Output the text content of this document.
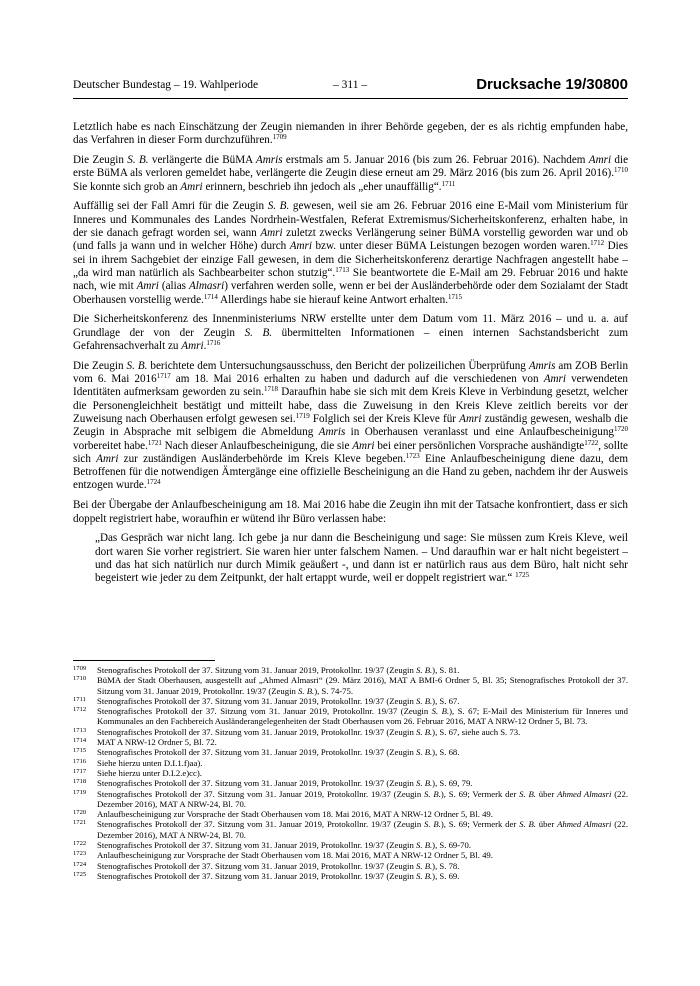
Deutscher Bundestag – 19. Wahlperiode	– 311 –	Drucksache 19/30800

Letztlich habe es nach Einschätzung der Zeugin niemanden in ihrer Behörde gegeben, der es als richtig empfunden habe, das Verfahren in dieser Form durchzuführen.$^{1709}$

Die Zeugin S. B. verlängerte die BüMA Amris erstmals am 5. Januar 2016 (bis zum 26. Februar 2016). Nachdem Amri die erste BüMA als verloren gemeldet habe, verlängerte die Zeugin diese erneut am 29. März 2016 (bis zum 26. April 2016).$^{1710}$ Sie konnte sich grob an Amri erinnern, beschrieb ihn jedoch als „eher unauffällig“.$^{1711}$

Auffällig sei der Fall Amri für die Zeugin S. B. gewesen, weil sie am 26. Februar 2016 eine E-Mail vom Ministerium für Inneres und Kommunales des Landes Nordrhein-Westfalen, Referat Extremismus/Sicherheitskonferenz, erhalten habe, in der sie danach gefragt worden sei, wann Amri zuletzt zwecks Verlängerung seiner BüMA vorstellig geworden war und ob (und falls ja wann und in welcher Höhe) durch Amri bzw. unter dieser BüMA Leistungen bezogen worden waren.$^{1712}$ Dies sei in ihrem Sachgebiet der einzige Fall gewesen, in dem die Sicherheitskonferenz derartige Nachfragen angestellt habe – „da wird man natürlich als Sachbearbeiter schon stutzig“.$^{1713}$ Sie beantwortete die E-Mail am 29. Februar 2016 und hakte nach, wie mit Amri (alias Almasri) verfahren werden solle, wenn er bei der Ausländerbehörde oder dem Sozialamt der Stadt Oberhausen vorstellig werde.$^{1714}$ Allerdings habe sie hierauf keine Antwort erhalten.$^{1715}$

Die Sicherheitskonferenz des Innenministeriums NRW erstellte unter dem Datum vom 11. März 2016 – und u. a. auf Grundlage der von der Zeugin S. B. übermittelten Informationen – einen internen Sachstandsbericht zum Gefahrensachverhalt zu Amri.$^{1716}$

Die Zeugin S. B. berichtete dem Untersuchungsausschuss, den Bericht der polizeilichen Überprüfung Amris am ZOB Berlin vom 6. Mai $2016^{1717}$ am 18. Mai 2016 erhalten zu haben und dadurch auf die verschiedenen von Amri verwendeten Identitäten aufmerksam geworden zu sein.$^{1718}$ Daraufhin habe sie sich mit dem Kreis Kleve in Verbindung gesetzt, welcher die Personengleichheit bestätigt und mitteilt habe, dass die Zuweisung in den Kreis Kleve zeitlich bereits vor der Zuweisung nach Oberhausen erfolgt gewesen sei.$^{1719}$ Folglich sei der Kreis Kleve für Amri zuständig gewesen, weshalb die Zeugin in Absprache mit selbigem die Abmeldung Amris in Oberhausen veranlasst und eine Anlaufbescheinigung$^{1720}$ vorbereitet habe.$^{1721}$ Nach dieser Anlaufbescheinigung, die sie Amri bei einer persönlichen Vorsprache aushändigte$^{1722}$, sollte sich Amri zur zuständigen Ausländerbehörde im Kreis Kleve begeben.$^{1723}$ Eine Anlaufbescheinigung diene dazu, dem Betroffenen für die notwendigen Ämtergänge eine offizielle Bescheinigung an die Hand zu geben, nachdem ihr der Ausweis entzogen wurde.$^{1724}$

Bei der Übergabe der Anlaufbescheinigung am 18. Mai 2016 habe die Zeugin ihn mit der Tatsache konfrontiert, dass er sich doppelt registriert habe, woraufhin er wütend ihr Büro verlassen habe:

„Das Gespräch war nicht lang. Ich gebe ja nur dann die Bescheinigung und sage: Sie müssen zum Kreis Kleve, weil dort waren Sie vorher registriert. Sie waren hier unter falschem Namen. – Und daraufhin war er halt nicht begeistert – und das hat sich natürlich nur durch Mimik geäußert -, und dann ist er natürlich raus aus dem Büro, halt nicht sehr begeistert wie jeder zu dem Zeitpunkt, der halt ertappt wurde, weil er doppelt registriert war.“ $^{1725}$

1709	Stenografisches Protokoll der 37. Sitzung vom 31. Januar 2019, Protokollnr. 19/37 (Zeugin S. B.), S. 81.
1710	BüMA der Stadt Oberhausen, ausgestellt auf „Ahmed Almasri“ (29. März 2016), MAT A BMI-6 Ordner 5, Bl. 35; Stenografisches Protokoll der 37. Sitzung vom 31. Januar 2019, Protokollnr. 19/37 (Zeugin S. B.), S. 74-75.
1711	Stenografisches Protokoll der 37. Sitzung vom 31. Januar 2019, Protokollnr. 19/37 (Zeugin S. B.), S. 67.
1712	Stenografisches Protokoll der 37. Sitzung vom 31. Januar 2019, Protokollnr. 19/37 (Zeugin S. B.), S. 67; E-Mail des Ministerium für Inneres und Kommunales an den Fachbereich Ausländerangelegenheiten der Stadt Oberhausen vom 26. Februar 2016, MAT A NRW-12 Ordner 5, Bl. 73.
1713	Stenografisches Protokoll der 37. Sitzung vom 31. Januar 2019, Protokollnr. 19/37 (Zeugin S. B.), S. 67, siehe auch S. 73.
1714	MAT A NRW-12 Ordner 5, Bl. 72.
1715	Stenografisches Protokoll der 37. Sitzung vom 31. Januar 2019, Protokollnr. 19/37 (Zeugin S. B.), S. 68.
1716	Siehe hierzu unten D.I.1.f)aa).
1717	Siehe hierzu unter D.I.2.e)cc).
1718	Stenografisches Protokoll der 37. Sitzung vom 31. Januar 2019, Protokollnr. 19/37 (Zeugin S. B.), S. 69, 79.
1719	Stenografisches Protokoll der 37. Sitzung vom 31. Januar 2019, Protokollnr. 19/37 (Zeugin S. B.), S. 69; Vermerk der S. B. über Ahmed Almasri (22. Dezember 2016), MAT A NRW-24, Bl. 70.
1720	Anlaufbescheinigung zur Vorsprache der Stadt Oberhausen vom 18. Mai 2016, MAT A NRW-12 Ordner 5, Bl. 49.
1721	Stenografisches Protokoll der 37. Sitzung vom 31. Januar 2019, Protokollnr. 19/37 (Zeugin S. B.), S. 69; Vermerk der S. B. über Ahmed Almasri (22. Dezember 2016), MAT A NRW-24, Bl. 70.
1722	Stenografisches Protokoll der 37. Sitzung vom 31. Januar 2019, Protokollnr. 19/37 (Zeugin S. B.), S. 69-70.
1723	Anlaufbescheinigung zur Vorsprache der Stadt Oberhausen vom 18. Mai 2016, MAT A NRW-12 Ordner 5, Bl. 49.
1724	Stenografisches Protokoll der 37. Sitzung vom 31. Januar 2019, Protokollnr. 19/37 (Zeugin S. B.), S. 78.
1725	Stenografisches Protokoll der 37. Sitzung vom 31. Januar 2019, Protokollnr. 19/37 (Zeugin S. B.), S. 69.
